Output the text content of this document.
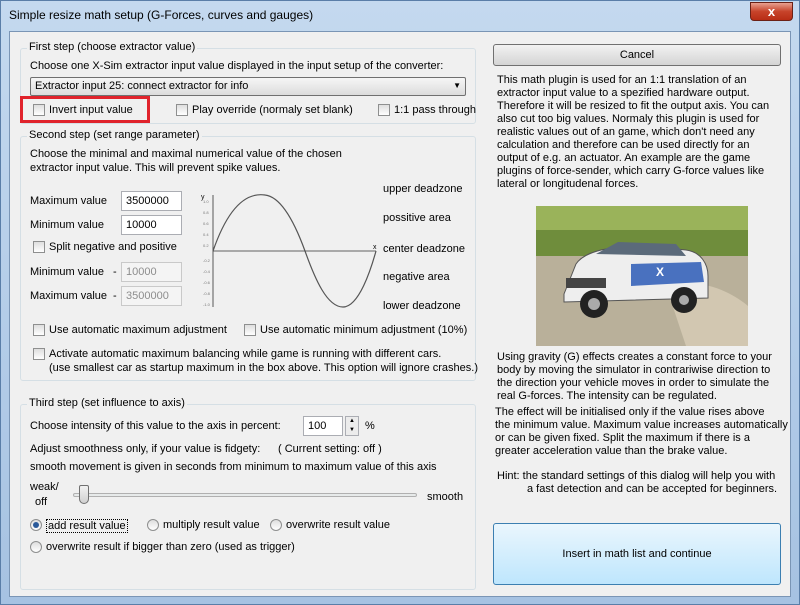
Simple resize math setup (G-Forces, curves and gauges)	x
First step (choose extractor value)
Choose one X-Sim extractor input value displayed in the input setup of the converter:
Extractor input 25: connect extractor for info	▼
Invert input value	Play override (normaly set blank)	1:1 pass through
Second step (set range parameter)
Choose the minimal and maximal numerical value of the chosen
extractor input value. This will prevent spike values.
Maximum value
3500000
Minimum value
10000
Split negative and positive
Minimum value -
10000
Maximum value -
3500000
y
x
1.0
0.8
0.6
0.4
0.2
-0.2
-0.4
-0.6
-0.8
-1.0
upper deadzone
possitive area
center deadzone
negative area
lower deadzone
Use automatic maximum adjustment	Use automatic minimum adjustment (10%)
Activate automatic maximum balancing while game is running with different cars.
(use smallest car as startup maximum in the box above. This option will ignore crashes.)
Third step (set influence to axis)
Choose intensity of this value to the axis in percent:
100	▲
▼ %
Adjust smoothness only, if your value is fidgety: ( Current setting: off )
smooth movement is given in seconds from minimum to maximum value of this axis
weak/
off	smooth
add result value	multiply result value overwrite result value
overwrite result if bigger than zero (used as trigger)
Cancel
This math plugin is used for an 1:1 translation of an
extractor input value to a spezified hardware output.
Therefore it will be resized to fit the output axis. You can
also cut too big values. Normaly this plugin is used for
realistic values out of an game, which don't need any
calculation and therefore can be used directly for an
output of e.g. an actuator. An example are the game
plugins of force-sender, which carry G-force values like
lateral or longitudenal forces.
X
Using gravity (G) effects creates a constant force to your
body by moving the simulator in contrariwise direction to
the direction your vehicle moves in order to simulate the
real G-forces. The intensity can be regulated.
The effect will be initialised only if the value rises above
the minimum value. Maximum value increases automatically
or can be given fixed. Split the maximum if there is a
greater acceleration value than the brake value.
Hint: the standard settings of this dialog will help you with
a fast detection and can be accepted for beginners.
Insert in math list and continue
